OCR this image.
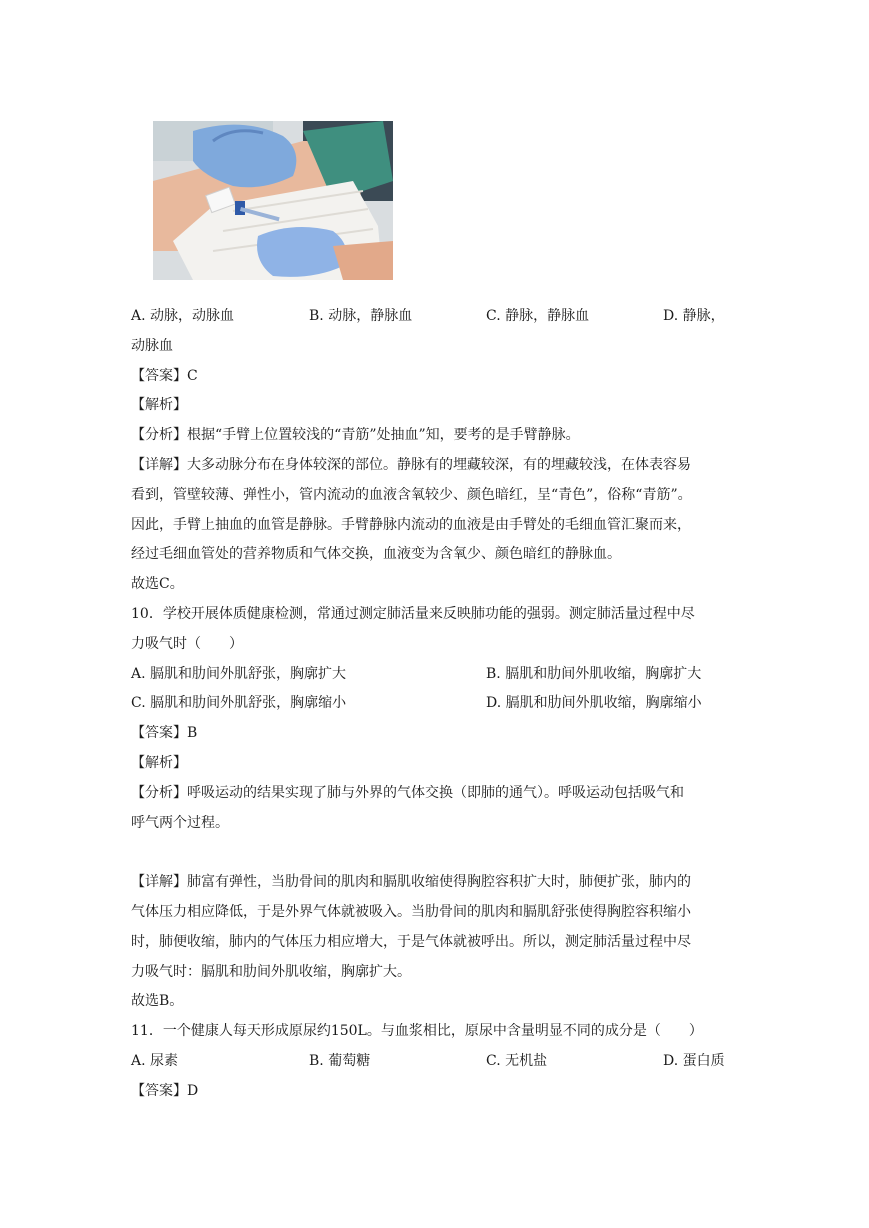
A. 动脉，动脉血	B. 动脉，静脉血	C. 静脉，静脉血	D. 静脉，
动脉血
【答案】C
【解析】
【分析】根据“手臂上位置较浅的“青筋”处抽血”知，要考的是手臂静脉。
【详解】大多动脉分布在身体较深的部位。静脉有的埋藏较深，有的埋藏较浅，在体表容易
看到，管壁较薄、弹性小，管内流动的血液含氧较少、颜色暗红，呈“青色”，俗称“青筋”。
因此，手臂上抽血的血管是静脉。手臂静脉内流动的血液是由手臂处的毛细血管汇聚而来，
经过毛细血管处的营养物质和气体交换，血液变为含氧少、颜色暗红的静脉血。
故选C。
10．学校开展体质健康检测，常通过测定肺活量来反映肺功能的强弱。测定肺活量过程中尽
力吸气时（　　）
A. 膈肌和肋间外肌舒张，胸廓扩大	B. 膈肌和肋间外肌收缩，胸廓扩大
C. 膈肌和肋间外肌舒张，胸廓缩小	D. 膈肌和肋间外肌收缩，胸廓缩小
【答案】B
【解析】
【分析】呼吸运动的结果实现了肺与外界的气体交换（即肺的通气）。呼吸运动包括吸气和
呼气两个过程。
【详解】肺富有弹性，当肋骨间的肌肉和膈肌收缩使得胸腔容积扩大时，肺便扩张，肺内的
气体压力相应降低，于是外界气体就被吸入。当肋骨间的肌肉和膈肌舒张使得胸腔容积缩小
时，肺便收缩，肺内的气体压力相应增大，于是气体就被呼出。所以，测定肺活量过程中尽
力吸气时：膈肌和肋间外肌收缩，胸廓扩大。
故选B。
11．一个健康人每天形成原尿约150L。与血浆相比，原尿中含量明显不同的成分是（　　）
A. 尿素	B. 葡萄糖	C. 无机盐	D. 蛋白质
【答案】D
